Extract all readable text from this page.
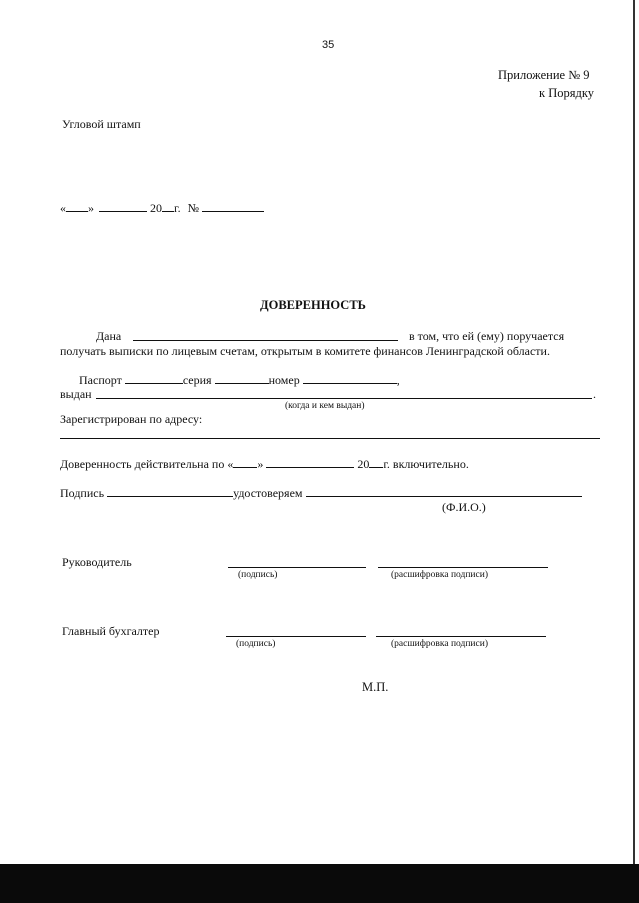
35
Приложение № 9
к Порядку
Угловой штамп
« »	20 г. №
ДОВЕРЕННОСТЬ
Дана	в том, что ей (ему) поручается
получать выписки по лицевым счетам, открытым в комитете финансов Ленинградской области.
Паспорт	серия	номер	,
выдан	.
(когда и кем выдан)
Зарегистрирован по адресу:
Доверенность действительна по « »	20 г. включительно.
Подпись	удостоверяем
(Ф.И.О.)
Руководитель
(подпись)	(расшифровка подписи)
Главный бухгалтер
(подпись)	(расшифровка подписи)
М.П.
